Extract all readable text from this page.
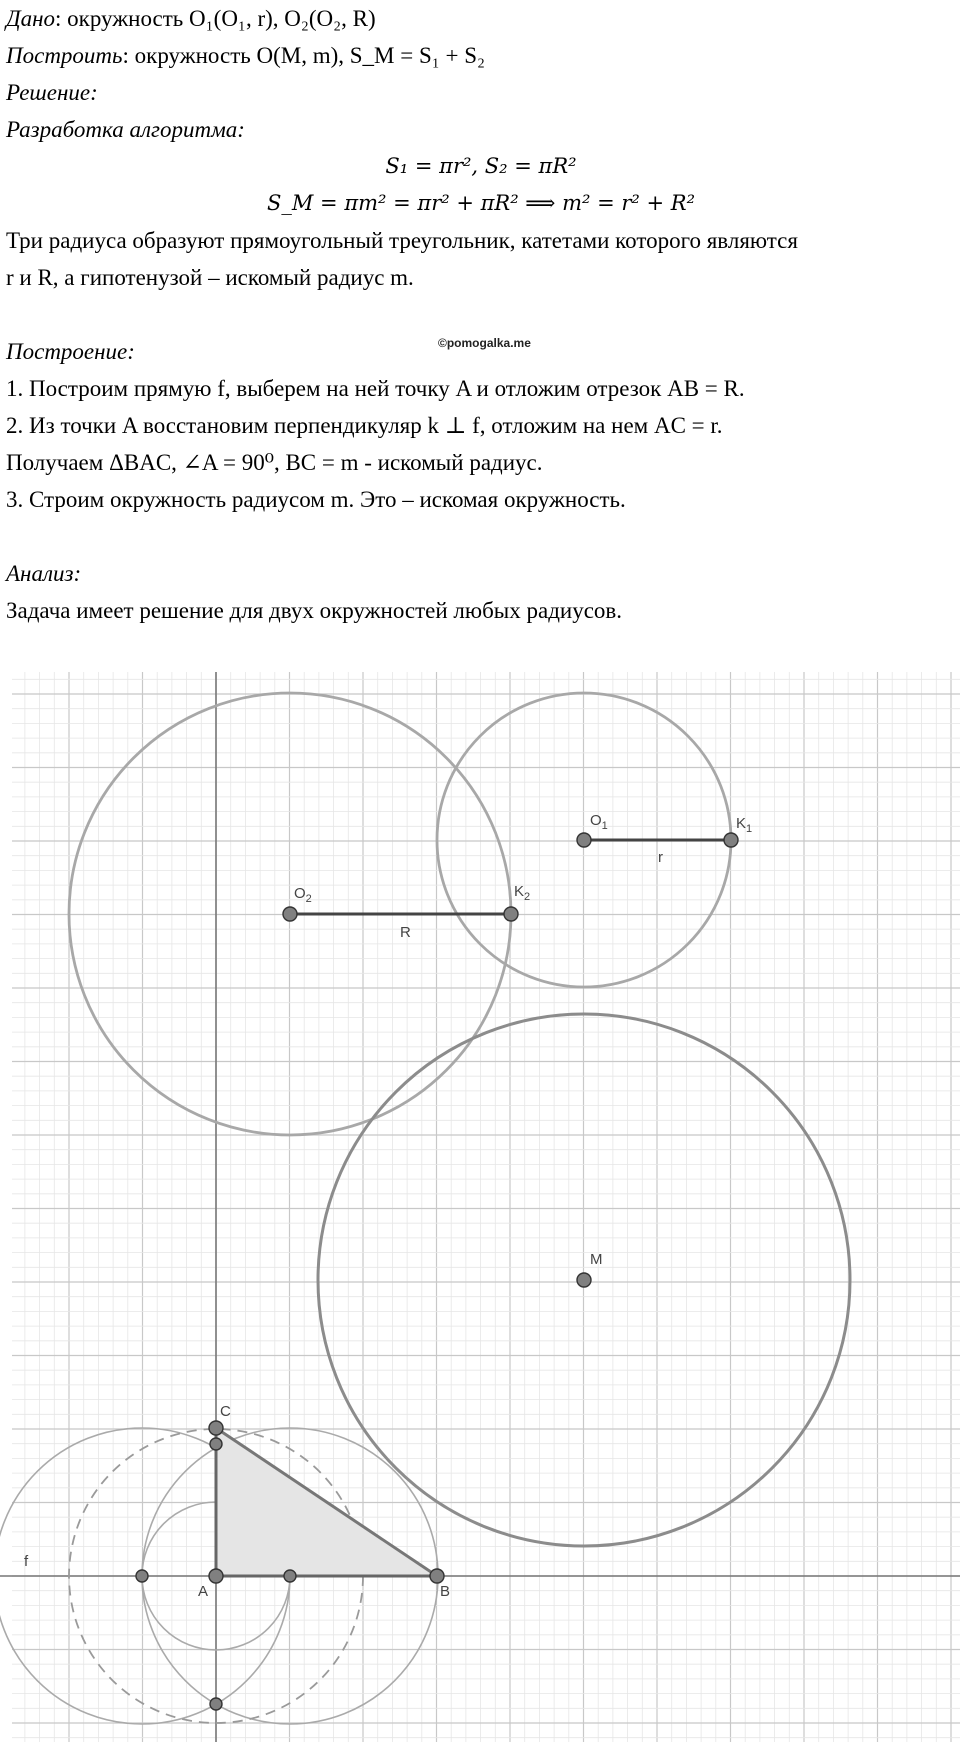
Дано: окружность O₁(O₁, r), O₂(O₂, R)
Построить: окружность O(M, m), S_M = S₁ + S₂
Решение:
Разработка алгоритма:
S₁ = πr², S₂ = πR²
S_M = πm² = πr² + πR² ⟹ m² = r² + R²
Три радиуса образуют прямоугольный треугольник, катетами которого являются
r и R, а гипотенузой – искомый радиус m.
Построение:
1. Построим прямую f, выберем на ней точку A и отложим отрезок AB = R.
2. Из точки A восстановим перпендикуляр k ⊥ f, отложим на нем AC = r.
Получаем ΔBAC, ∠A = 90⁰, BC = m - искомый радиус.
3. Строим окружность радиусом m. Это – искомая окружность.
Анализ:
Задача имеет решение для двух окружностей любых радиусов.
©pomogalka.me
$O_2$	$K_2$
R
$O_1$	$K_1$
r
M
C
A	B
f
